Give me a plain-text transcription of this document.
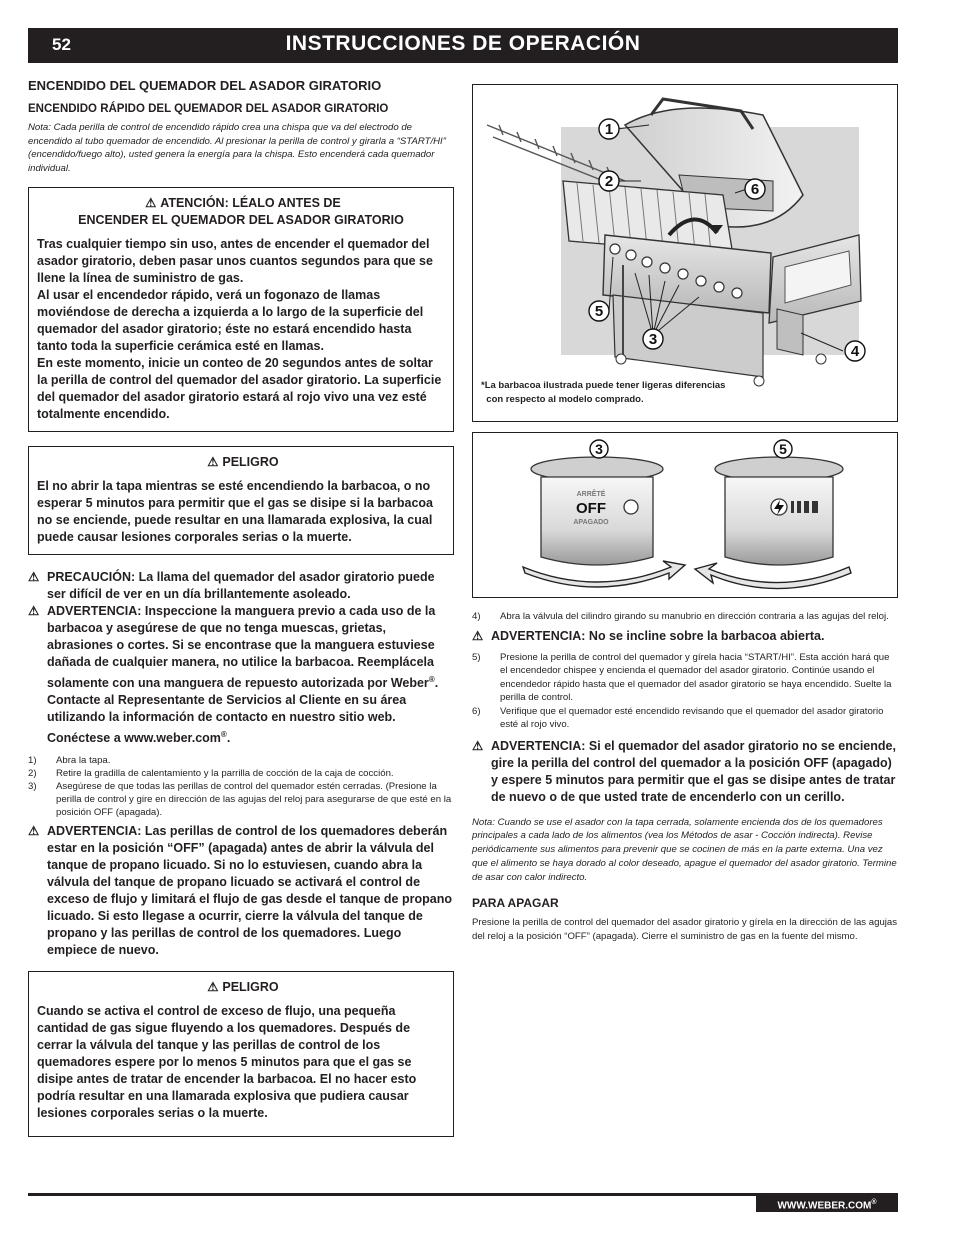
52	INSTRUCCIONES DE OPERACIÓN
ENCENDIDO DEL QUEMADOR DEL ASADOR GIRATORIO
ENCENDIDO RÁPIDO DEL QUEMADOR DEL ASADOR GIRATORIO

Nota: Cada perilla de control de encendido rápido crea una chispa que va del electrodo de encendido al tubo quemador de encendido. Al presionar la perilla de control y girarla a “START/HI” (encendido/fuego alto), usted genera la energía para la chispa. Esto encenderá cada quemador individual.

⚠ ATENCIÓN: LÉALO ANTES DE
ENCENDER EL QUEMADOR DEL ASADOR GIRATORIO
Tras cualquier tiempo sin uso, antes de encender el quemador del asador giratorio, deben pasar unos cuantos segundos para que se llene la línea de suministro de gas.
Al usar el encendedor rápido, verá un fogonazo de llamas moviéndose de derecha a izquierda a lo largo de la superficie del quemador del asador giratorio; éste no estará encendido hasta tanto toda la superficie cerámica esté en llamas.
En este momento, inicie un conteo de 20 segundos antes de soltar la perilla de control del quemador del asador giratorio. La superficie del quemador del asador giratorio estará al rojo vivo una vez esté totalmente encendido.
⚠ PELIGRO
El no abrir la tapa mientras se esté encendiendo la barbacoa, o no esperar 5 minutos para permitir que el gas se disipe si la barbacoa no se enciende, puede resultar en una llamarada explosiva, la cual puede causar lesiones corporales serias o la muerte.

⚠ PRECAUCIÓN: La llama del quemador del asador giratorio puede ser difícil de ver en un día brillantemente asoleado.

⚠ ADVERTENCIA: Inspeccione la manguera previo a cada uso de la barbacoa y asegúrese de que no tenga muescas, grietas, abrasiones o cortes. Si se encontrase que la manguera estuviese dañada de cualquier manera, no utilice la barbacoa. Reemplácela solamente con una manguera de repuesto autorizada por Weber®. Contacte al Representante de Servicios al Cliente en su área utilizando la información de contacto en nuestro sitio web.
Conéctese a www.weber.com®.

1)	Abra la tapa.
2)	Retire la gradilla de calentamiento y la parrilla de cocción de la caja de cocción.
3)	Asegúrese de que todas las perillas de control del quemador estén cerradas. (Presione la perilla de control y gire en dirección de las agujas del reloj para asegurarse de que esté en la posición OFF (apagada).

⚠ ADVERTENCIA: Las perillas de control de los quemadores deberán estar en la posición “OFF” (apagada) antes de abrir la válvula del tanque de propano licuado. Si no lo estuviesen, cuando abra la válvula del tanque de propano licuado se activará el control de exceso de flujo y limitará el flujo de gas desde el tanque de propano licuado. Si esto llegase a ocurrir, cierre la válvula del tanque de propano y las perillas de control de los quemadores. Luego empiece de nuevo.

⚠ PELIGRO
Cuando se activa el control de exceso de flujo, una pequeña cantidad de gas sigue fluyendo a los quemadores. Después de cerrar la válvula del tanque y las perillas de control de los quemadores espere por lo menos 5 minutos para que el gas se disipe antes de tratar de encender la barbacoa. El no hacer esto podría resultar en una llamarada explosiva que pudiera causar lesiones corporales serias o la muerte.
1
2
3
4
5
6
*La barbacoa ilustrada puede tener ligeras diferencias
con respecto al modelo comprado.
ARRÊTÉ
OFF
APAGADO
3	5
4)	Abra la válvula del cilindro girando su manubrio en dirección contraria a las agujas del reloj.

⚠ ADVERTENCIA: No se incline sobre la barbacoa abierta.

5)	Presione la perilla de control del quemador y gírela hacia “START/HI”. Esta acción hará que el encendedor chispee y encienda el quemador del asador giratorio. Continúe usando el encendedor rápido hasta que el quemador del asador giratorio se haya encendido. Suelte la perilla de control.
6)	Verifique que el quemador esté encendido revisando que el quemador del asador giratorio esté al rojo vivo.

⚠ ADVERTENCIA: Si el quemador del asador giratorio no se enciende, gire la perilla del control del quemador a la posición OFF (apagado) y espere 5 minutos para permitir que el gas se disipe antes de tratar de nuevo o de que usted trate de encenderlo con un cerillo.

Nota: Cuando se use el asador con la tapa cerrada, solamente encienda dos de los quemadores principales a cada lado de los alimentos (vea los Métodos de asar - Cocción indirecta). Revise periódicamente sus alimentos para prevenir que se cocinen de más en la parte externa. Una vez que el alimento se haya dorado al color deseado, apague el quemador del asador giratorio. Termine de asar con calor indirecto.

PARA APAGAR

Presione la perilla de control del quemador del asador giratorio y gírela en la dirección de las agujas del reloj a la posición “OFF” (apagada). Cierre el suministro de gas en la fuente del mismo.

WWW.WEBER.COM®
